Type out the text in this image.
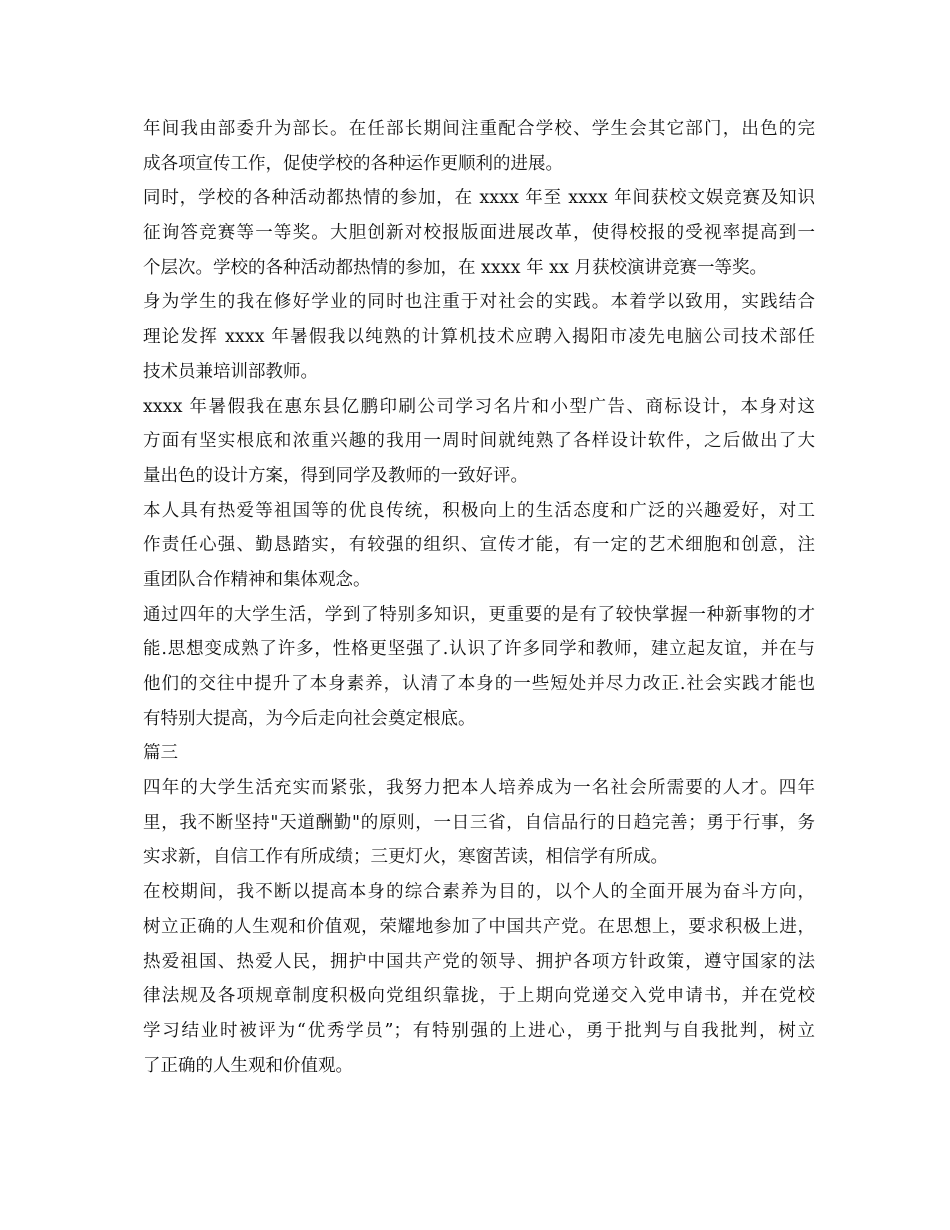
年间我由部委升为部长。在任部长期间注重配合学校、学生会其它部门，出色的完
成各项宣传工作，促使学校的各种运作更顺利的进展。
同时，学校的各种活动都热情的参加，在 xxxx 年至 xxxx 年间获校文娱竞赛及知识
征询答竞赛等一等奖。大胆创新对校报版面进展改革，使得校报的受视率提高到一
个层次。学校的各种活动都热情的参加，在 xxxx 年 xx 月获校演讲竞赛一等奖。
身为学生的我在修好学业的同时也注重于对社会的实践。本着学以致用，实践结合
理论发挥 xxxx 年暑假我以纯熟的计算机技术应聘入揭阳市凌先电脑公司技术部任
技术员兼培训部教师。
xxxx 年暑假我在惠东县亿鹏印刷公司学习名片和小型广告、商标设计，本身对这
方面有坚实根底和浓重兴趣的我用一周时间就纯熟了各样设计软件，之后做出了大
量出色的设计方案，得到同学及教师的一致好评。
本人具有热爱等祖国等的优良传统，积极向上的生活态度和广泛的兴趣爱好，对工
作责任心强、勤恳踏实，有较强的组织、宣传才能，有一定的艺术细胞和创意，注
重团队合作精神和集体观念。
通过四年的大学生活，学到了特别多知识，更重要的是有了较快掌握一种新事物的才
能.思想变成熟了许多，性格更坚强了.认识了许多同学和教师，建立起友谊，并在与
他们的交往中提升了本身素养，认清了本身的一些短处并尽力改正.社会实践才能也
有特别大提高，为今后走向社会奠定根底。
篇三
四年的大学生活充实而紧张，我努力把本人培养成为一名社会所需要的人才。四年
里，我不断坚持"天道酬勤"的原则，一日三省，自信品行的日趋完善；勇于行事，务
实求新，自信工作有所成绩；三更灯火，寒窗苦读，相信学有所成。
在校期间，我不断以提高本身的综合素养为目的，以个人的全面开展为奋斗方向，
树立正确的人生观和价值观，荣耀地参加了中国共产党。在思想上，要求积极上进，
热爱祖国、热爱人民，拥护中国共产党的领导、拥护各项方针政策，遵守国家的法
律法规及各项规章制度积极向党组织靠拢，于上期向党递交入党申请书，并在党校
学习结业时被评为“优秀学员”；有特别强的上进心，勇于批判与自我批判，树立
了正确的人生观和价值观。
